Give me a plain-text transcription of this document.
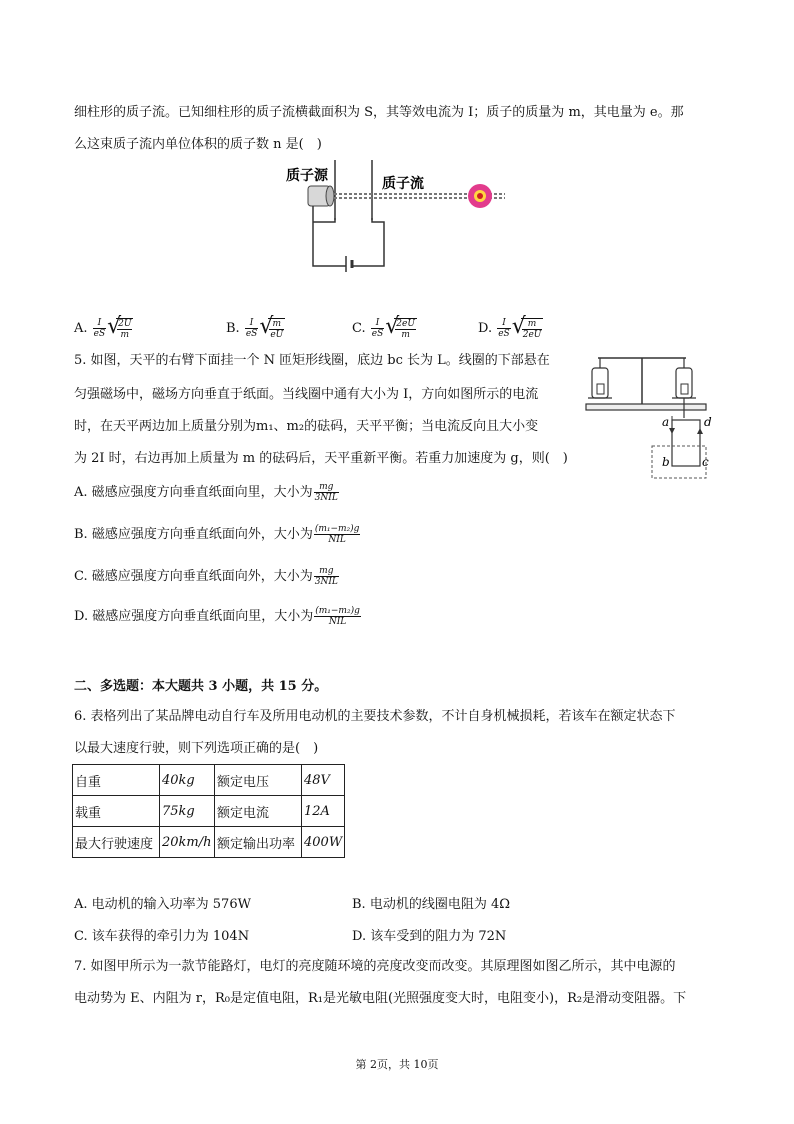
细柱形的质子流。已知细柱形的质子流横截面积为 S，其等效电流为 I；质子的质量为 m，其电量为 e。那
么这束质子流内单位体积的质子数 n 是(　)
质子源	质子流
A. $\frac{I}{eS}$ √
$\frac{2U}{m}$	B. $\frac{I}{eS}$ √
$\frac{m}{eU}$	C. $\frac{I}{eS}$ √
$\frac{2eU}{m}$	D. $\frac{I}{eS}$ √
$\frac{m}{2eU}$
5. 如图，天平的右臂下面挂一个 N 匝矩形线圈，底边 bc 长为 L。线圈的下部悬在
匀强磁场中，磁场方向垂直于纸面。当线圈中通有大小为 I，方向如图所示的电流
时，在天平两边加上质量分别为m₁、m₂的砝码，天平平衡；当电流反向且大小变
为 2I 时，右边再加上质量为 m 的砝码后，天平重新平衡。若重力加速度为 g，则(　)
a	d
b	c
A. 磁感应强度方向垂直纸面向里，大小为 $\frac{mg}{\text{3NIL}}$
B. 磁感应强度方向垂直纸面向外，大小为 $\frac{\text{(m₁−m₂)g}}{\text{NIL}}$
C. 磁感应强度方向垂直纸面向外，大小为 $\frac{mg}{\text{3NIL}}$
D. 磁感应强度方向垂直纸面向里，大小为 $\frac{\text{(m₁−m₂)g}}{\text{NIL}}$
二、多选题：本大题共 3 小题，共 15 分。
6. 表格列出了某品牌电动自行车及所用电动机的主要技术参数，不计自身机械损耗，若该车在额定状态下
以最大速度行驶，则下列选项正确的是(　)
自重	40kg	额定电压	48V
载重	75kg	额定电流	12A
最大行驶速度	20km/h	额定输出功率	400W
A. 电动机的输入功率为 576W	B. 电动机的线圈电阻为 4Ω
C. 该车获得的牵引力为 104N	D. 该车受到的阻力为 72N
7. 如图甲所示为一款节能路灯，电灯的亮度随环境的亮度改变而改变。其原理图如图乙所示，其中电源的
电动势为 E、内阻为 r，R₀是定值电阻，R₁是光敏电阻(光照强度变大时，电阻变小)，R₂是滑动变阻器。下
第 2页，共 10页
